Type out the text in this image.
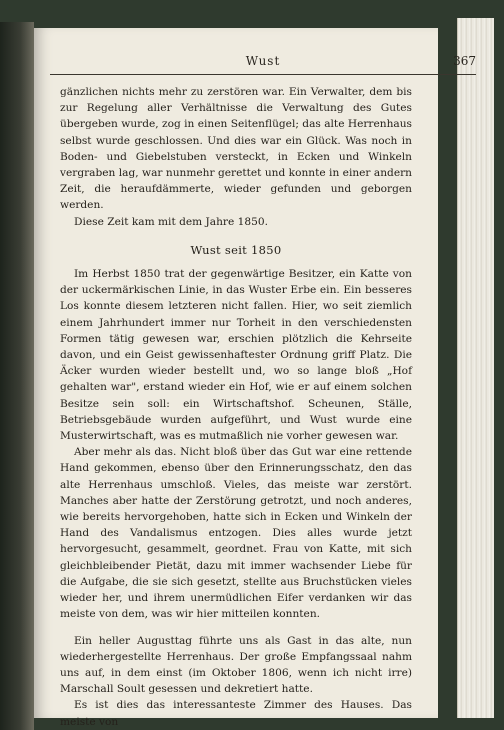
Wust	367

gänzlichen nichts mehr zu zerstören war. Ein Verwalter, dem bis zur Regelung aller Verhältnisse die Verwaltung des Gutes übergeben wurde, zog in einen Seitenflügel; das alte Herrenhaus selbst wurde geschlossen. Und dies war ein Glück. Was noch in Boden- und Giebelstuben versteckt, in Ecken und Winkeln vergraben lag, war nunmehr gerettet und konnte in einer andern Zeit, die heraufdämmerte, wieder gefunden und geborgen werden.

Diese Zeit kam mit dem Jahre 1850.

Wust seit 1850

Im Herbst 1850 trat der gegenwärtige Besitzer, ein Katte von der uckermärkischen Linie, in das Wuster Erbe ein. Ein besseres Los konnte diesem letzteren nicht fallen. Hier, wo seit ziemlich einem Jahrhundert immer nur Torheit in den verschiedensten Formen tätig gewesen war, erschien plötzlich die Kehrseite davon, und ein Geist gewissenhaftester Ordnung griff Platz. Die Äcker wurden wieder bestellt und, wo so lange bloß „Hof gehalten war", erstand wieder ein Hof, wie er auf einem solchen Besitze sein soll: ein Wirtschaftshof. Scheunen, Ställe, Betriebsgebäude wurden aufgeführt, und Wust wurde eine Musterwirtschaft, was es mutmaßlich nie vorher gewesen war.

Aber mehr als das. Nicht bloß über das Gut war eine rettende Hand gekommen, ebenso über den Erinnerungsschatz, den das alte Herrenhaus umschloß. Vieles, das meiste war zerstört. Manches aber hatte der Zerstörung getrotzt, und noch anderes, wie bereits hervorgehoben, hatte sich in Ecken und Winkeln der Hand des Vandalismus entzogen. Dies alles wurde jetzt hervorgesucht, gesammelt, geordnet. Frau von Katte, mit sich gleichbleibender Pietät, dazu mit immer wachsender Liebe für die Aufgabe, die sie sich gesetzt, stellte aus Bruchstücken vieles wieder her, und ihrem unermüdlichen Eifer verdanken wir das meiste von dem, was wir hier mitteilen konnten.

Ein heller Augusttag führte uns als Gast in das alte, nun wiederhergestellte Herrenhaus. Der große Empfangssaal nahm uns auf, in dem einst (im Oktober 1806, wenn ich nicht irre) Marschall Soult gesessen und dekretiert hatte.

Es ist dies das interessanteste Zimmer des Hauses. Das meiste von
